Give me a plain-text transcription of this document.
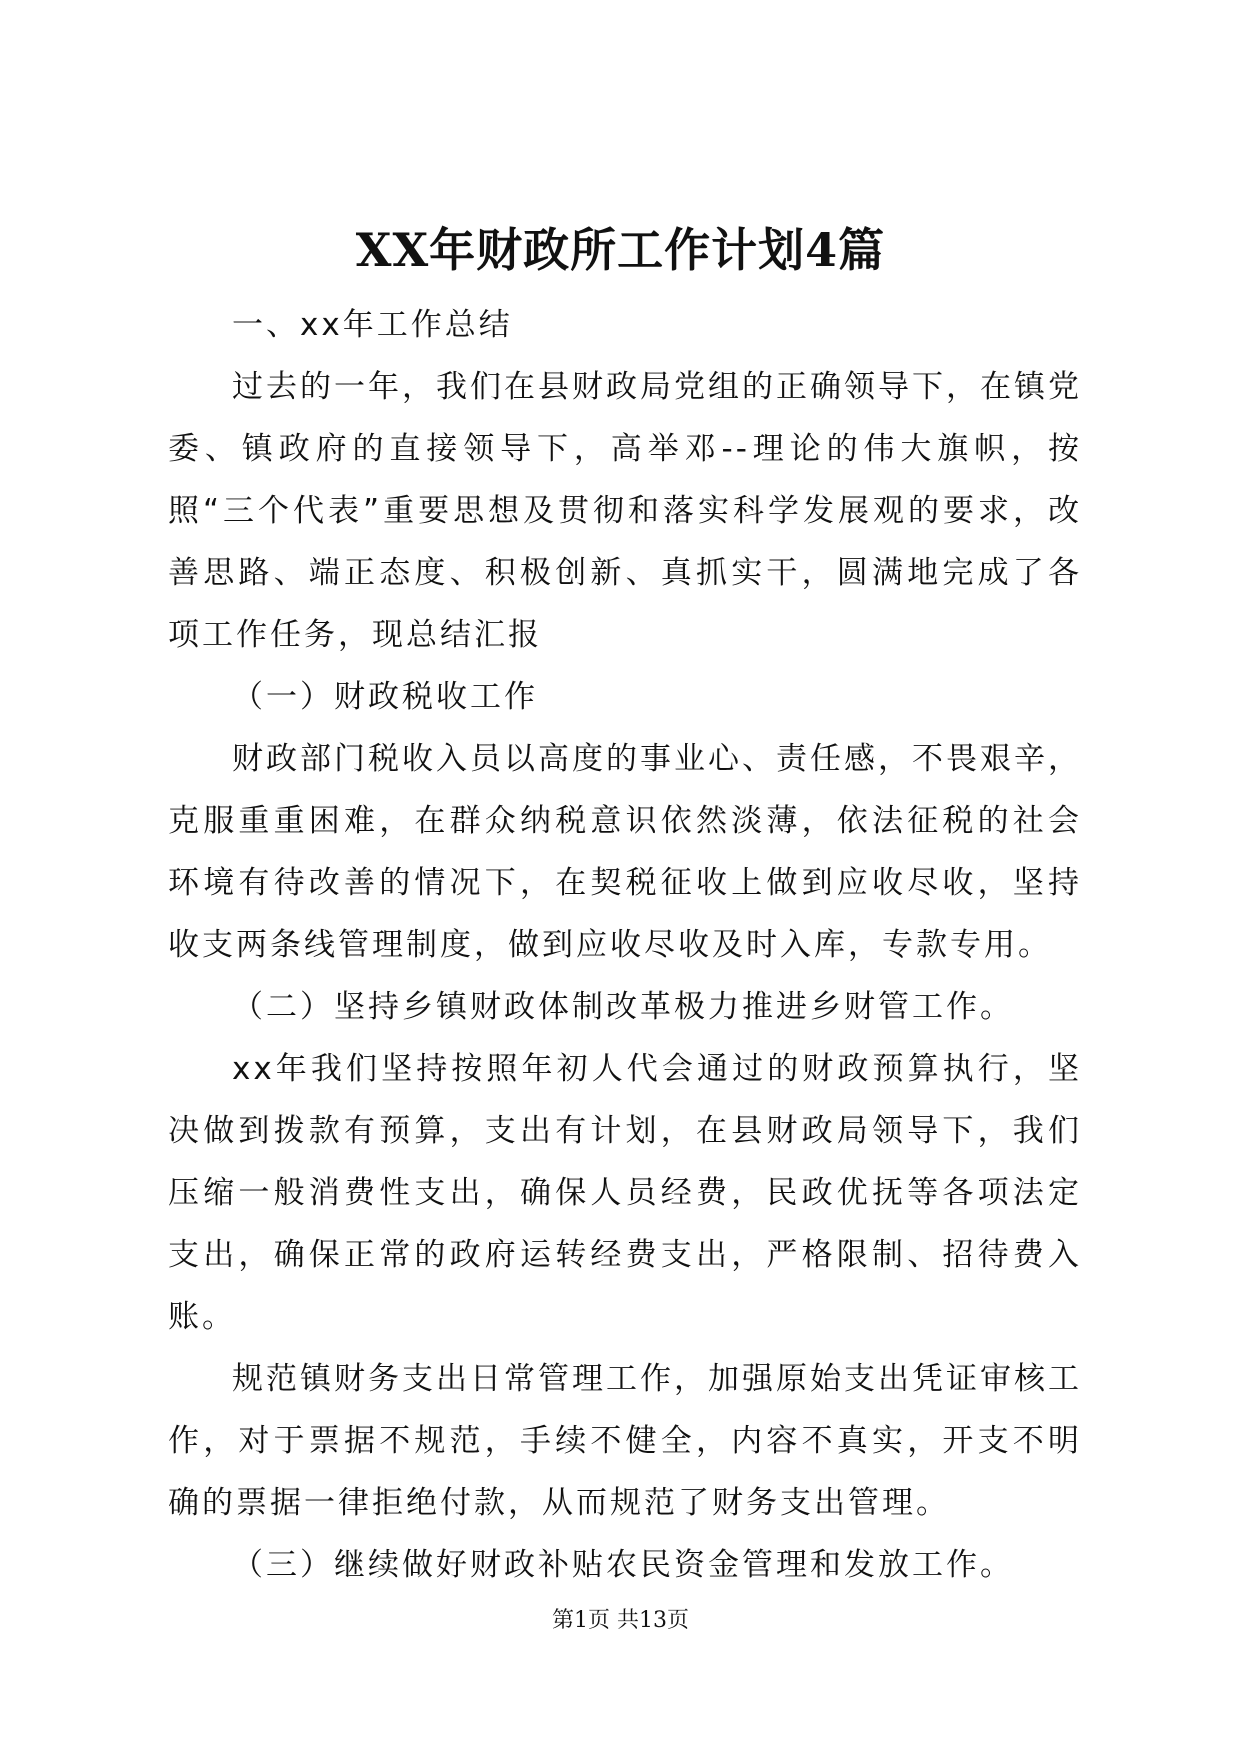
XX年财政所工作计划4篇

一、xx年工作总结

过去的一年，我们在县财政局党组的正确领导下，在镇党委、镇政府的直接领导下，高举邓--理论的伟大旗帜，按照“三个代表”重要思想及贯彻和落实科学发展观的要求，改善思路、端正态度、积极创新、真抓实干，圆满地完成了各项工作任务，现总结汇报

（一）财政税收工作

财政部门税收入员以高度的事业心、责任感，不畏艰辛，克服重重困难，在群众纳税意识依然淡薄，依法征税的社会环境有待改善的情况下，在契税征收上做到应收尽收，坚持收支两条线管理制度，做到应收尽收及时入库，专款专用。

（二）坚持乡镇财政体制改革极力推进乡财管工作。

xx年我们坚持按照年初人代会通过的财政预算执行，坚决做到拨款有预算，支出有计划，在县财政局领导下，我们压缩一般消费性支出，确保人员经费，民政优抚等各项法定支出，确保正常的政府运转经费支出，严格限制、招待费入账。

规范镇财务支出日常管理工作，加强原始支出凭证审核工作，对于票据不规范，手续不健全，内容不真实，开支不明确的票据一律拒绝付款，从而规范了财务支出管理。

（三）继续做好财政补贴农民资金管理和发放工作。

第1页 共13页
